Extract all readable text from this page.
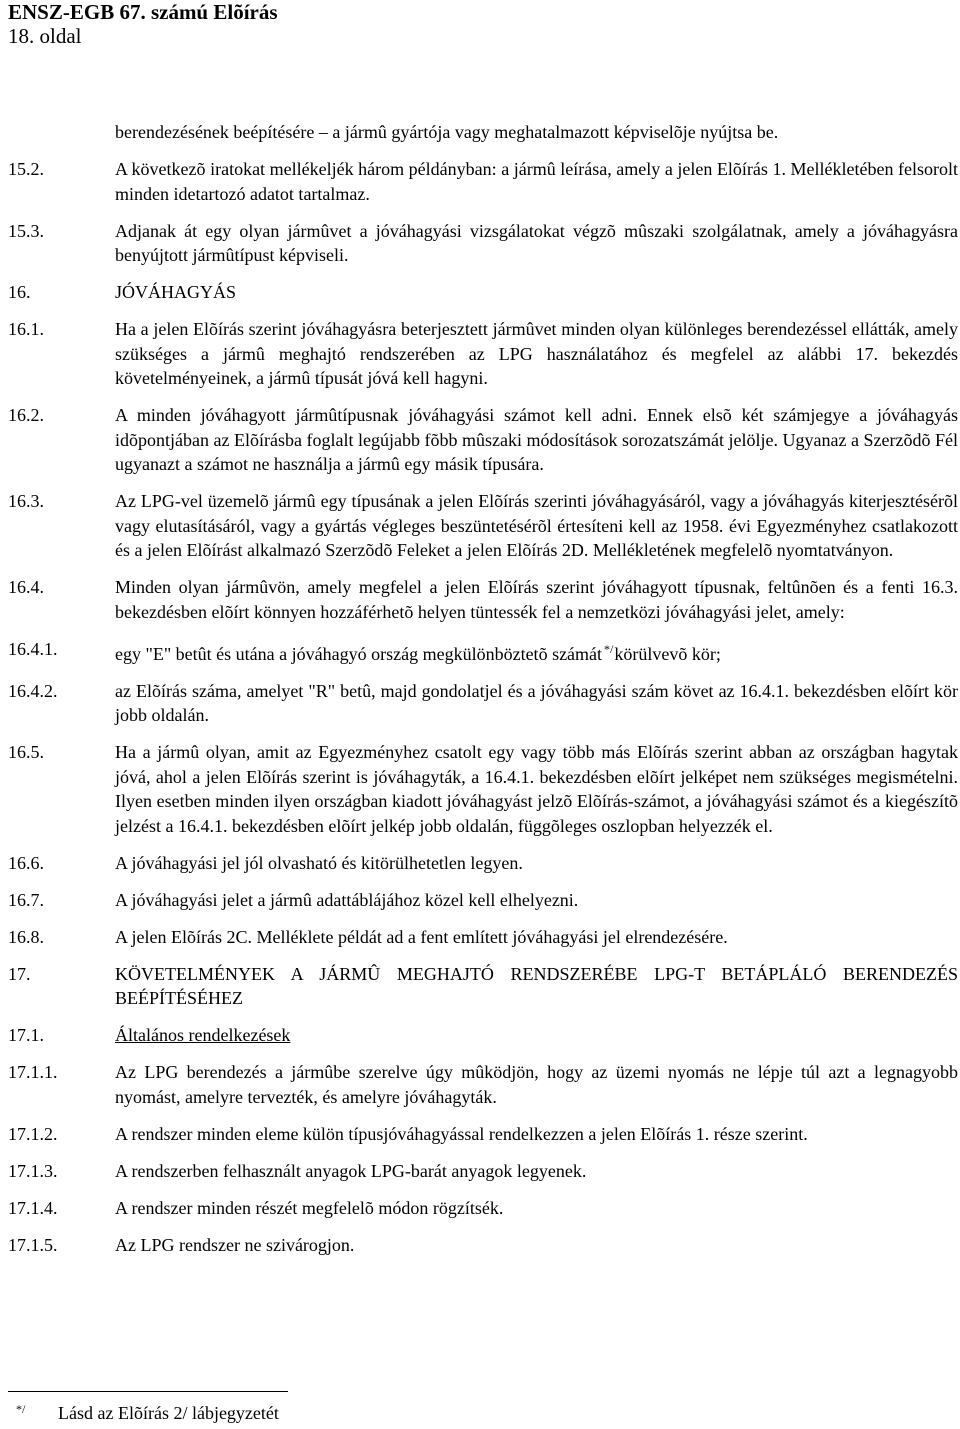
ENSZ-EGB 67. számú Elõírás
18. oldal
berendezésének beépítésére – a jármû gyártója vagy meghatalmazott képviselõje nyújtsa be.
15.2.	A következõ iratokat mellékeljék három példányban: a jármû leírása, amely a jelen Elõírás 1. Mellékletében felsorolt minden idetartozó adatot tartalmaz.
15.3.	Adjanak át egy olyan jármûvet a jóváhagyási vizsgálatokat végzõ mûszaki szolgálatnak, amely a jóváhagyásra benyújtott jármûtípust képviseli.
16.	JÓVÁHAGYÁS
16.1.	Ha a jelen Elõírás szerint jóváhagyásra beterjesztett jármûvet minden olyan különleges berendezéssel ellátták, amely szükséges a jármû meghajtó rendszerében az LPG használatához és megfelel az alábbi 17. bekezdés követelményeinek, a jármû típusát jóvá kell hagyni.
16.2.	A minden jóváhagyott jármûtípusnak jóváhagyási számot kell adni. Ennek elsõ két számjegye a jóváhagyás idõpontjában az Elõírásba foglalt legújabb fõbb mûszaki módosítások sorozatszámát jelölje. Ugyanaz a Szerzõdõ Fél ugyanazt a számot ne használja a jármû egy másik típusára.
16.3.	Az LPG-vel üzemelõ jármû egy típusának a jelen Elõírás szerinti jóváhagyásáról, vagy a jóváhagyás kiterjesztésérõl vagy elutasításáról, vagy a gyártás végleges beszüntetésérõl értesíteni kell az 1958. évi Egyezményhez csatlakozott és a jelen Elõírást alkalmazó Szerzõdõ Feleket a jelen Elõírás 2D. Mellékletének megfelelõ nyomtatványon.
16.4.	Minden olyan jármûvön, amely megfelel a jelen Elõírás szerint jóváhagyott típusnak, feltûnõen és a fenti 16.3. bekezdésben elõírt könnyen hozzáférhetõ helyen tüntessék fel a nemzetközi jóváhagyási jelet, amely:
16.4.1.	egy "E" betût és utána a jóváhagyó ország megkülönböztetõ számát */körülvevõ kör;
16.4.2.	az Elõírás száma, amelyet "R" betû, majd gondolatjel és a jóváhagyási szám követ az 16.4.1. bekezdésben elõírt kör jobb oldalán.
16.5.	Ha a jármû olyan, amit az Egyezményhez csatolt egy vagy több más Elõírás szerint abban az országban hagytak jóvá, ahol a jelen Elõírás szerint is jóváhagyták, a 16.4.1. bekezdésben elõírt jelképet nem szükséges megismételni. Ilyen esetben minden ilyen országban kiadott jóváhagyást jelzõ Elõírás-számot, a jóváhagyási számot és a kiegészítõ jelzést a 16.4.1. bekezdésben elõírt jelkép jobb oldalán, függõleges oszlopban helyezzék el.
16.6.	A jóváhagyási jel jól olvasható és kitörülhetetlen legyen.
16.7.	A jóváhagyási jelet a jármû adattáblájához közel kell elhelyezni.
16.8.	A jelen Elõírás 2C. Melléklete példát ad a fent említett jóváhagyási jel elrendezésére.
17.	KÖVETELMÉNYEK A JÁRMÛ MEGHAJTÓ RENDSZERÉBE LPG-T BETÁPLÁLÓ BERENDEZÉS BEÉPÍTÉSÉHEZ
17.1.	Általános rendelkezések
17.1.1.	Az LPG berendezés a jármûbe szerelve úgy mûködjön, hogy az üzemi nyomás ne lépje túl azt a legnagyobb nyomást, amelyre tervezték, és amelyre jóváhagyták.
17.1.2.	A rendszer minden eleme külön típusjóváhagyással rendelkezzen a jelen Elõírás 1. része szerint.
17.1.3.	A rendszerben felhasznált anyagok LPG-barát anyagok legyenek.
17.1.4.	A rendszer minden részét megfelelõ módon rögzítsék.
17.1.5.	Az LPG rendszer ne szivárogjon.
*/	Lásd az Elõírás 2/ lábjegyzetét
